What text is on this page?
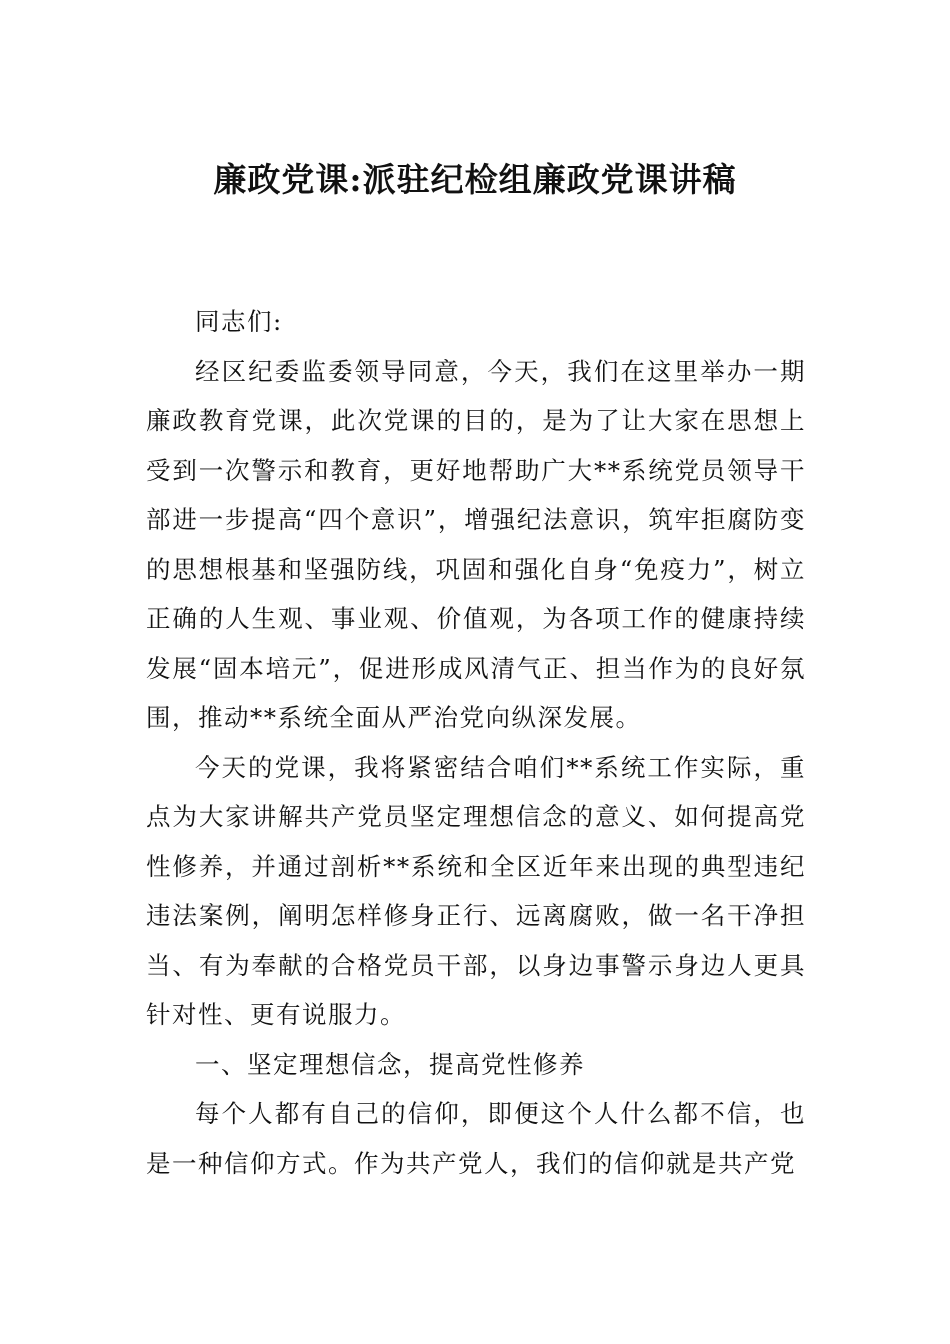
廉政党课:派驻纪检组廉政党课讲稿

同志们:

经区纪委监委领导同意，今天，我们在这里举办一期廉政教育党课，此次党课的目的，是为了让大家在思想上受到一次警示和教育，更好地帮助广大**系统党员领导干部进一步提高“四个意识”，增强纪法意识，筑牢拒腐防变的思想根基和坚强防线，巩固和强化自身“免疫力”，树立正确的人生观、事业观、价值观，为各项工作的健康持续发展“固本培元”，促进形成风清气正、担当作为的良好氛围，推动**系统全面从严治党向纵深发展。

今天的党课，我将紧密结合咱们**系统工作实际，重点为大家讲解共产党员坚定理想信念的意义、如何提高党性修养，并通过剖析**系统和全区近年来出现的典型违纪违法案例，阐明怎样修身正行、远离腐败，做一名干净担当、有为奉献的合格党员干部，以身边事警示身边人更具针对性、更有说服力。

一、坚定理想信念，提高党性修养

每个人都有自己的信仰，即便这个人什么都不信，也是一种信仰方式。作为共产党人，我们的信仰就是共产党
